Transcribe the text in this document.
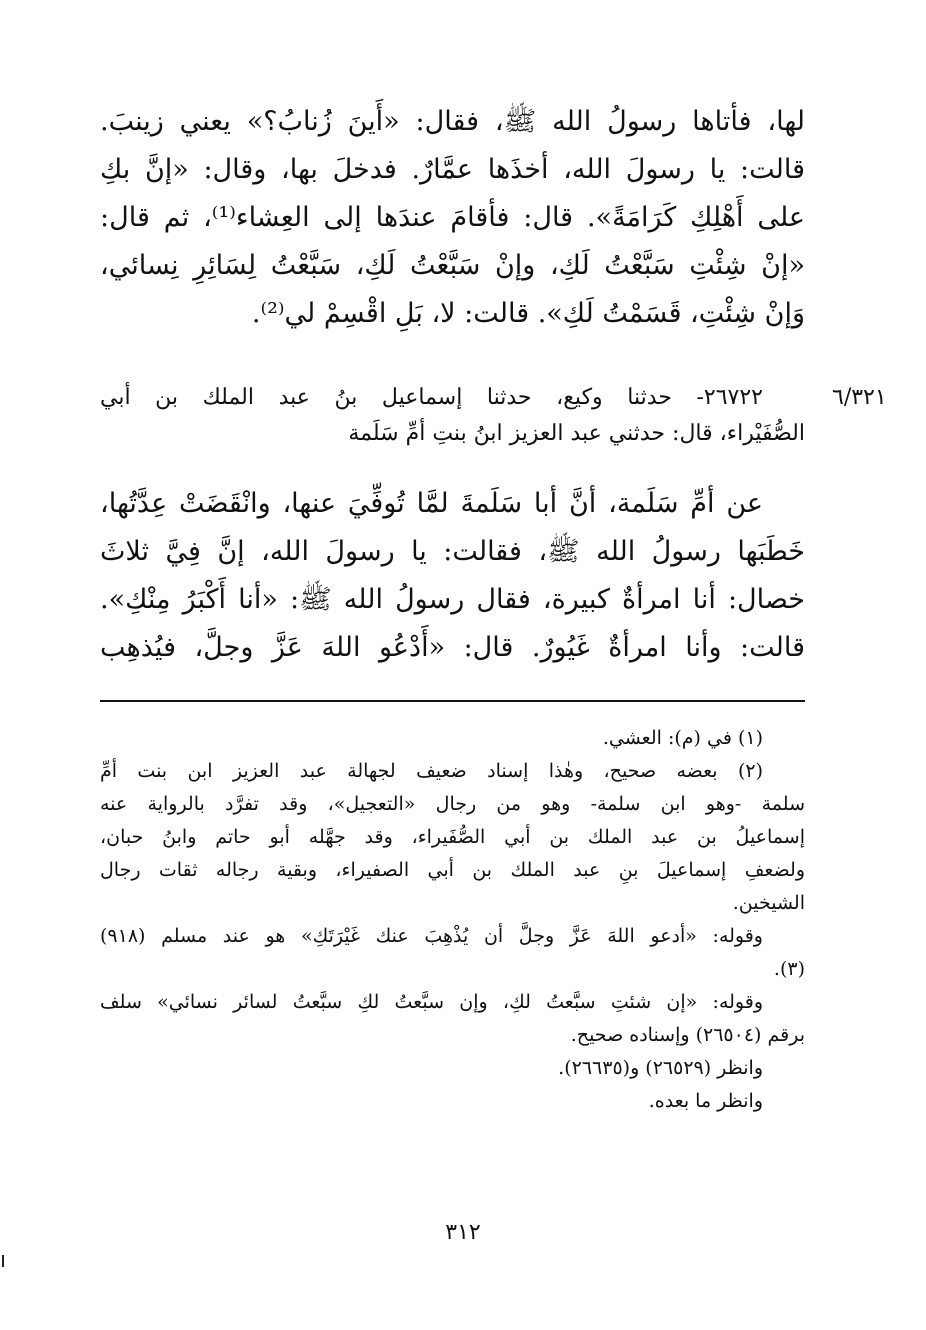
لها، فأتاها رسولُ الله ﷺ، فقال: «أَينَ زُنابُ؟» يعني زينبَ.
قالت: يا رسولَ الله، أخذَها عمَّارٌ. فدخلَ بها، وقال: «إنَّ بكِ
على أَهْلِكِ كَرَامَةً». قال: فأقامَ عندَها إلى العِشاء⁽¹⁾، ثم قال:
«إنْ شِئْتِ سَبَّعْتُ لَكِ، وإنْ سَبَّعْتُ لَكِ، سَبَّعْتُ لِسَائِرِ نِسائي،
وَإنْ شِئْتِ، قَسَمْتُ لَكِ». قالت: لا، بَلِ اقْسِمْ لي⁽²⁾.
٦/٣٢١
٢٦٧٢٢- حدثنا وكيع، حدثنا إسماعيل بنُ عبد الملك بن أبي
الصُّفَيْراء، قال: حدثني عبد العزيز ابنُ بنتِ أمِّ سَلَمة
عن أمِّ سَلَمة، أنَّ أبا سَلَمةَ لمَّا تُوفِّيَ عنها، وانْقَضَتْ عِدَّتُها،
خَطَبَها رسولُ الله ﷺ، فقالت: يا رسولَ الله، إنَّ فِيَّ ثلاثَ
خصال: أنا امرأةٌ كبيرة، فقال رسولُ الله ﷺ: «أنا أَكْبَرُ مِنْكِ».
قالت: وأنا امرأةٌ غَيُورٌ. قال: «أَدْعُو اللهَ عَزَّ وجلَّ، فيُذهِب
(١) في (م): العشي.
(٢) بعضه صحيح، وهٰذا إسناد ضعيف لجهالة عبد العزيز ابن بنت أمِّ
سلمة -وهو ابن سلمة- وهو من رجال «التعجيل»، وقد تفرَّد بالرواية عنه
إسماعيلُ بن عبد الملك بن أبي الصُّفَيراء، وقد جهَّله أبو حاتم وابنُ حبان،
ولضعفِ إسماعيلَ بنِ عبد الملك بن أبي الصفيراء، وبقية رجاله ثقات رجال
الشيخين.
وقوله: «أدعو اللهَ عَزَّ وجلَّ أن يُذْهِبَ عنك غَيْرَتَكِ» هو عند مسلم (٩١٨)
(٣).
وقوله: «إن شئتِ سبَّعتُ لكِ، وإن سبَّعتُ لكِ سبَّعتُ لسائر نسائي» سلف
برقم (٢٦٥٠٤) وإسناده صحيح.
وانظر (٢٦٥٢٩) و(٢٦٦٣٥).
وانظر ما بعده.
٣١٢
